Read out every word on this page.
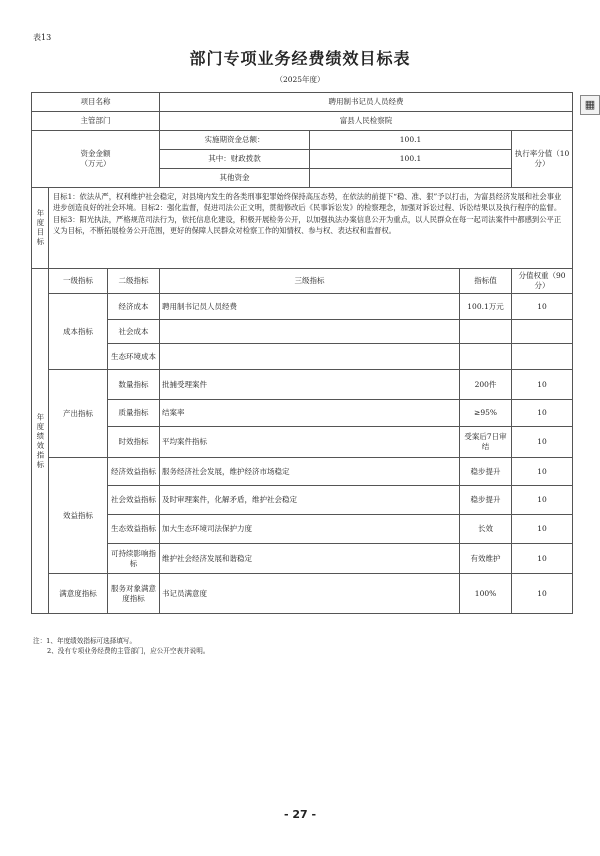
表13
部门专项业务经费绩效目标表
（2025年度）
▦
项目名称			聘用制书记员人员经费			
主管部门			富县人民检察院			
资金金额（万元）			实施期资金总额：	100.1		执行率分值（10分）
			其中：财政拨款	100.1		
			其他资金			
年度目标	目标1：依法从严，权利维护社会稳定，对县境内发生的各类刑事犯罪始终保持高压态势，在依法的前提下“稳、准、狠”予以打击，为富县经济发展和社会事业进步创造良好的社会环境。目标2：强化监督，促进司法公正文明，贯彻修改后《民事诉讼发》的检察理念，加强对诉讼过程、诉讼结果以及执行程序的监督。 目标3：阳光执法，严格规范司法行为，依托信息化建设，积极开展检务公开，以加强执法办案信息公开为重点，以人民群众在每一起司法案件中都感到公平正义为目标，不断拓展检务公开范围，更好的保障人民群众对检察工作的知情权、参与权、表达权和监督权。					
年度绩效指标	一级指标	二级指标	三级指标		指标值	分值权重（90分）
	成本指标	经济成本	聘用制书记员人员经费		100.1万元	10
		社会成本				
		生态环境成本				
	产出指标	数量指标	批捕受理案件		200件	10
		质量指标	结案率		≥95%	10
		时效指标	平均案件指标		受案后7日审结	10
	效益指标	经济效益指标	服务经济社会发展，维护经济市场稳定		稳步提升	10
		社会效益指标	及时审理案件，化解矛盾，维护社会稳定		稳步提升	10
		生态效益指标	加大生态环境司法保护力度		长效	10
		可持续影响指标	维护社会经济发展和谐稳定		有效维护	10
	满意度指标	服务对象满意度指标	书记员满意度		100%	10
注：1、年度绩效指标可选择填写。
2、没有专项业务经费的主管部门，应公开空表并说明。
- 27 -
